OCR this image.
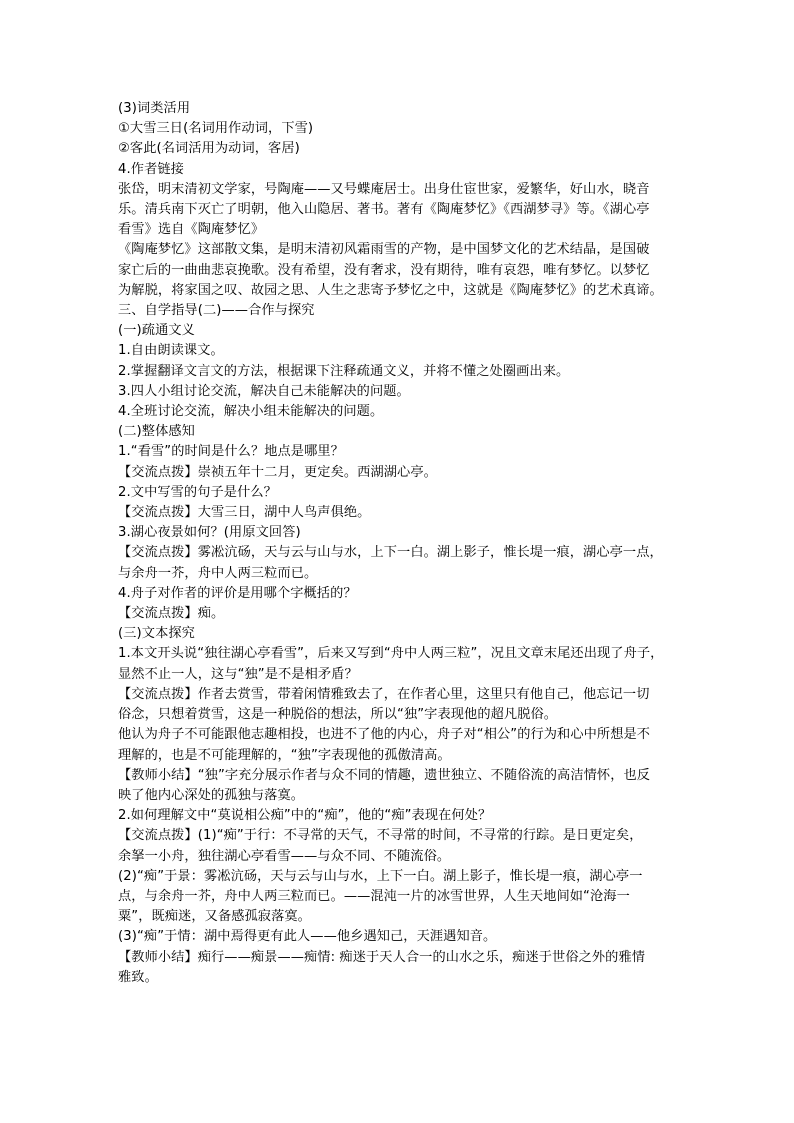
(3)词类活用

①大雪三日(名词用作动词，下雪)

②客此(名词活用为动词，客居)

4.作者链接

张岱，明末清初文学家，号陶庵——又号蝶庵居士。出身仕宦世家，爱繁华，好山水，晓音

乐。清兵南下灭亡了明朝，他入山隐居、著书。著有《陶庵梦忆》《西湖梦寻》等。《湖心亭

看雪》选自《陶庵梦忆》

《陶庵梦忆》这部散文集，是明末清初风霜雨雪的产物，是中国梦文化的艺术结晶，是国破

家亡后的一曲曲悲哀挽歌。没有希望，没有奢求，没有期待，唯有哀怨，唯有梦忆。以梦忆

为解脱，将家国之叹、故园之思、人生之悲寄予梦忆之中，这就是《陶庵梦忆》的艺术真谛。

三、自学指导(二)——合作与探究

(一)疏通文义

1.自由朗读课文。

2.掌握翻译文言文的方法，根据课下注释疏通文义，并将不懂之处圈画出来。

3.四人小组讨论交流，解决自己未能解决的问题。

4.全班讨论交流，解决小组未能解决的问题。

(二)整体感知

1.“看雪”的时间是什么？地点是哪里？

【交流点拨】崇祯五年十二月，更定矣。西湖湖心亭。

2.文中写雪的句子是什么？

【交流点拨】大雪三日，湖中人鸟声俱绝。

3.湖心夜景如何？(用原文回答)

【交流点拨】雾凇沆砀，天与云与山与水，上下一白。湖上影子，惟长堤一痕，湖心亭一点，

与余舟一芥，舟中人两三粒而已。

4.舟子对作者的评价是用哪个字概括的？

【交流点拨】痴。

(三)文本探究

1.本文开头说“独往湖心亭看雪”，后来又写到“舟中人两三粒”，况且文章末尾还出现了舟子，

显然不止一人，这与“独”是不是相矛盾？

【交流点拨】作者去赏雪，带着闲情雅致去了，在作者心里，这里只有他自己，他忘记一切

俗念，只想着赏雪，这是一种脱俗的想法，所以“独”字表现他的超凡脱俗。

他认为舟子不可能跟他志趣相投，也进不了他的内心，舟子对“相公”的行为和心中所想是不

理解的，也是不可能理解的，“独”字表现他的孤傲清高。

【教师小结】“独”字充分展示作者与众不同的情趣，遗世独立、不随俗流的高洁情怀，也反

映了他内心深处的孤独与落寞。

2.如何理解文中“莫说相公痴”中的“痴”，他的“痴”表现在何处？

【交流点拨】(1)“痴”于行：不寻常的天气，不寻常的时间，不寻常的行踪。是日更定矣，

余拏一小舟，独往湖心亭看雪——与众不同、不随流俗。

(2)“痴”于景：雾凇沆砀，天与云与山与水，上下一白。湖上影子，惟长堤一痕，湖心亭一

点，与余舟一芥，舟中人两三粒而已。——混沌一片的冰雪世界，人生天地间如“沧海一

粟”，既痴迷，又备感孤寂落寞。

(3)“痴”于情：湖中焉得更有此人——他乡遇知己，天涯遇知音。

【教师小结】痴行——痴景——痴情: 痴迷于天人合一的山水之乐，痴迷于世俗之外的雅情

雅致。
